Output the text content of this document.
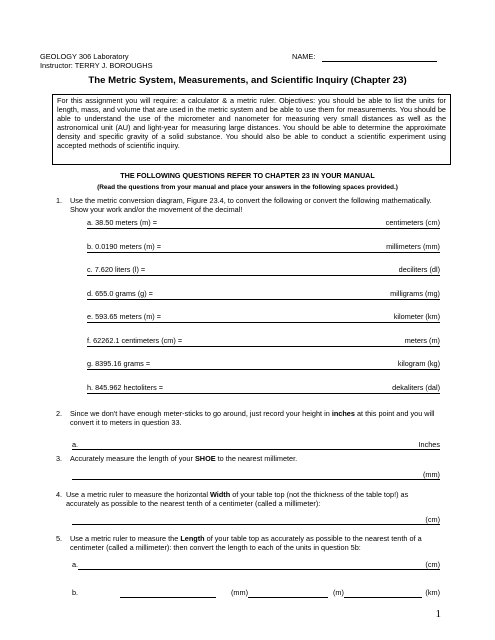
GEOLOGY 306 Laboratory
Instructor: TERRY J. BOROUGHS
NAME:
The Metric System, Measurements, and Scientific Inquiry (Chapter 23)
For this assignment you will require: a calculator & a metric ruler. Objectives: you should be able to list the units for length, mass, and volume that are used in the metric system and be able to use them for measurements. You should be able to understand the use of the micrometer and nanometer for measuring very small distances as well as the astronomical unit (AU) and light-year for measuring large distances. You should be able to determine the approximate density and specific gravity of a solid substance. You should also be able to conduct a scientific experiment using accepted methods of scientific inquiry.
THE FOLLOWING QUESTIONS REFER TO CHAPTER 23 IN YOUR MANUAL
(Read the questions from your manual and place your answers in the following spaces provided.)
1. Use the metric conversion diagram, Figure 23.4, to convert the following or convert the following mathematically. Show your work and/or the movement of the decimal!
a. 38.50 meters (m) =	centimeters (cm)
b. 0.0190 meters (m) =	millimeters (mm)
c. 7.620 liters (l) =	deciliters (dl)
d. 655.0 grams (g) =	milligrams (mg)
e. 593.65 meters (m) =	kilometer (km)
f. 62262.1 centimeters (cm) =	meters (m)
g. 8395.16 grams =	kilogram (kg)
h. 845.962 hectoliters =	dekaliters (dal)
2. Since we don't have enough meter-sticks to go around, just record your height in inches at this point and you will convert it to meters in question 33.
a.	Inches
3. Accurately measure the length of your SHOE to the nearest millimeter.
(mm)
4. Use a metric ruler to measure the horizontal Width of your table top (not the thickness of the table top!) as accurately as possible to the nearest tenth of a centimeter (called a millimeter):
(cm)
5. Use a metric ruler to measure the Length of your table top as accurately as possible to the nearest tenth of a centimeter (called a millimeter): then convert the length to each of the units in question 5b:
a.	(cm)
b.	(mm)	(m)	(km)
1
